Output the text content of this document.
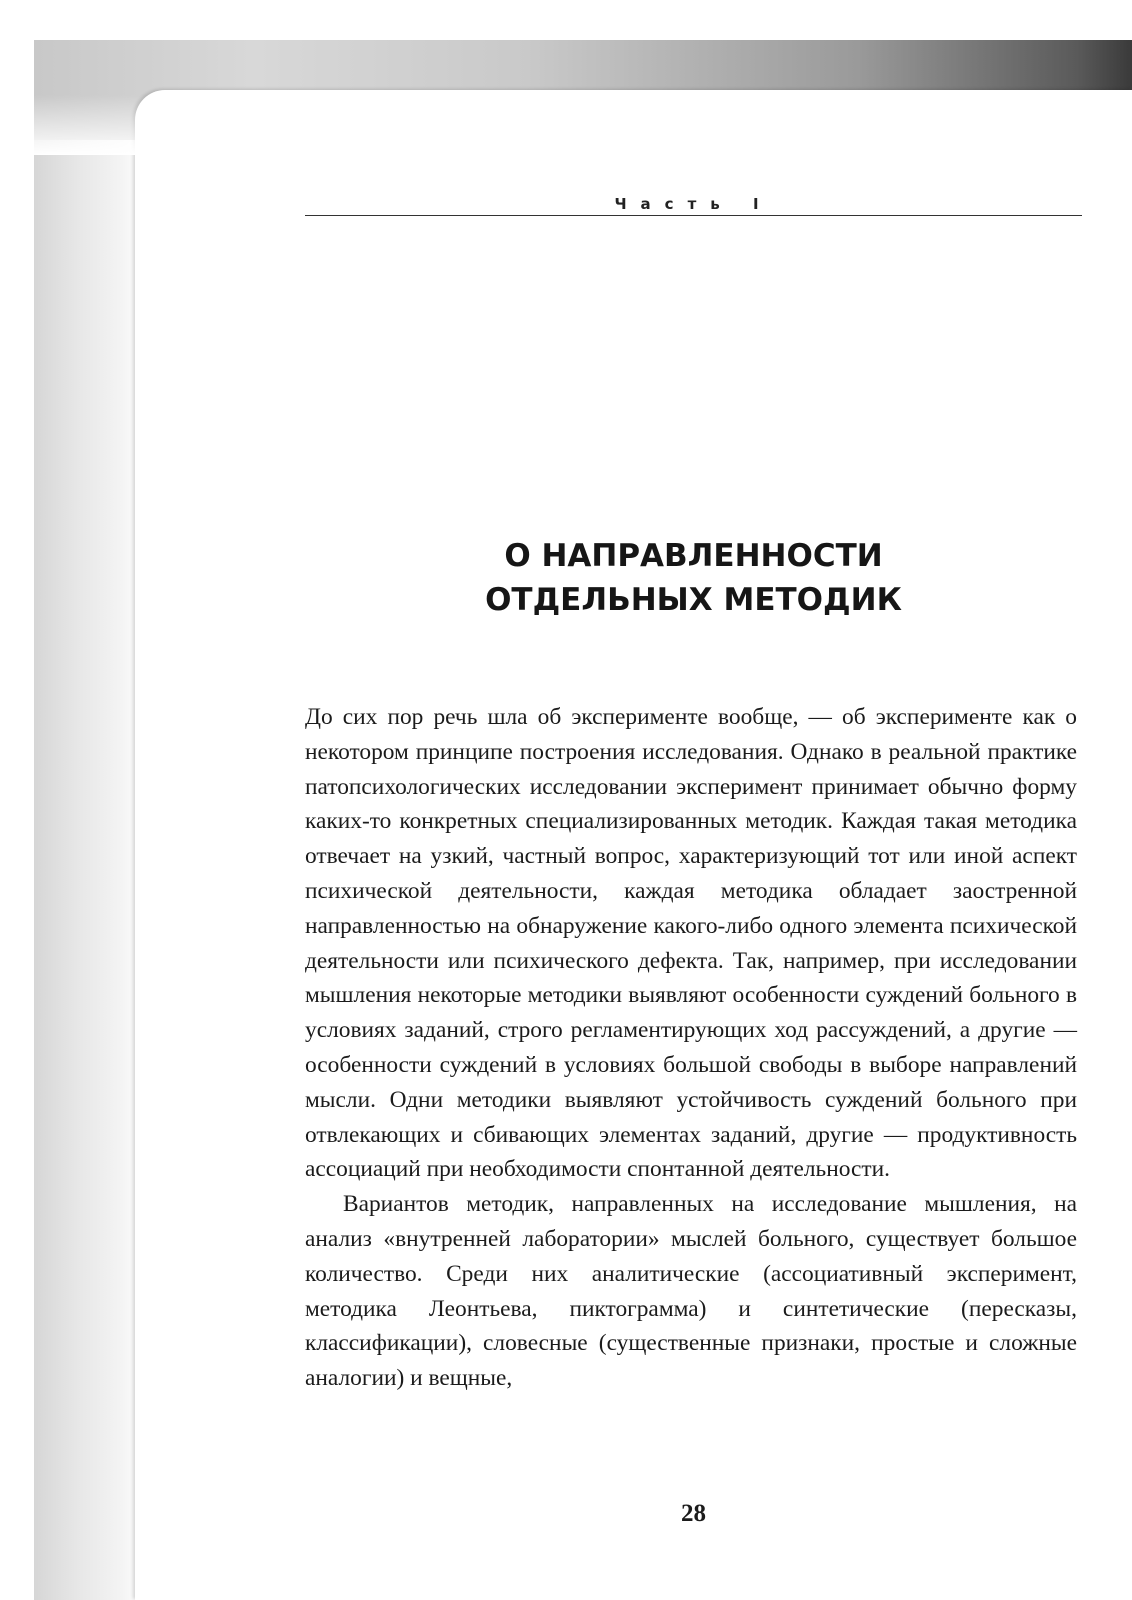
Часть I
О НАПРАВЛЕННОСТИ
ОТДЕЛЬНЫХ МЕТОДИК

До сих пор речь шла об эксперименте вообще, — об эксперименте как о некотором принципе построения исследования. Однако в реальной практике патопсихологических исследовании эксперимент принимает обычно форму каких-то конкретных специализированных методик. Каждая такая методика отвечает на узкий, частный вопрос, характеризующий тот или иной аспект психической деятельности, каждая методика обладает заостренной направленностью на обнаружение какого-либо одного элемента психической деятельности или психического дефекта. Так, например, при исследовании мышления некоторые методики выявляют особенности суждений больного в условиях заданий, строго регламентирующих ход рассуждений, а другие — особенности суждений в условиях большой свободы в выборе направлений мысли. Одни методики выявляют устойчивость суждений больного при отвлекающих и сбивающих элементах заданий, другие — продуктивность ассоциаций при необходимости спонтанной деятельности.

Вариантов методик, направленных на исследование мышления, на анализ «внутренней лаборатории» мыслей больного, существует большое количество. Среди них аналитические (ассоциативный эксперимент, методика Леонтьева, пиктограмма) и синтетические (пересказы, классификации), словесные (существенные признаки, простые и сложные аналогии) и вещные,

28
